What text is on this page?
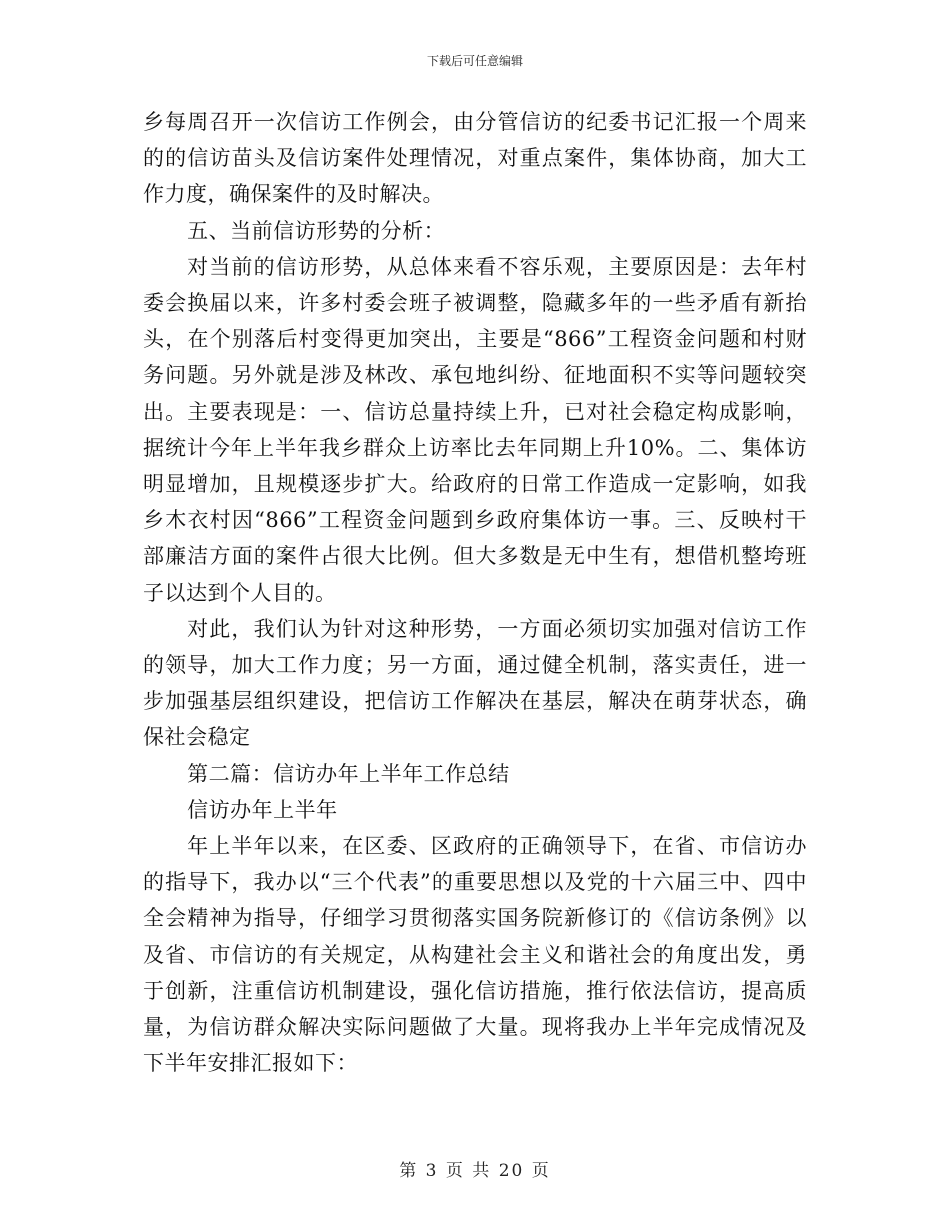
下载后可任意编辑

乡每周召开一次信访工作例会，由分管信访的纪委书记汇报一个周来的的信访苗头及信访案件处理情况，对重点案件，集体协商，加大工作力度，确保案件的及时解决。

五、当前信访形势的分析：

对当前的信访形势，从总体来看不容乐观，主要原因是：去年村委会换届以来，许多村委会班子被调整，隐藏多年的一些矛盾有新抬头，在个别落后村变得更加突出，主要是“866”工程资金问题和村财务问题。另外就是涉及林改、承包地纠纷、征地面积不实等问题较突出。主要表现是：一、信访总量持续上升，已对社会稳定构成影响，据统计今年上半年我乡群众上访率比去年同期上升10%。二、集体访明显增加，且规模逐步扩大。给政府的日常工作造成一定影响，如我乡木衣村因“866”工程资金问题到乡政府集体访一事。三、反映村干部廉洁方面的案件占很大比例。但大多数是无中生有，想借机整垮班子以达到个人目的。

对此，我们认为针对这种形势，一方面必须切实加强对信访工作的领导，加大工作力度；另一方面，通过健全机制，落实责任，进一步加强基层组织建设，把信访工作解决在基层，解决在萌芽状态，确保社会稳定

第二篇：信访办年上半年工作总结

信访办年上半年

年上半年以来，在区委、区政府的正确领导下，在省、市信访办的指导下，我办以“三个代表”的重要思想以及党的十六届三中、四中全会精神为指导，仔细学习贯彻落实国务院新修订的《信访条例》以及省、市信访的有关规定，从构建社会主义和谐社会的角度出发，勇于创新，注重信访机制建设，强化信访措施，推行依法信访，提高质量，为信访群众解决实际问题做了大量。现将我办上半年完成情况及下半年安排汇报如下：

第 3 页 共 20 页
